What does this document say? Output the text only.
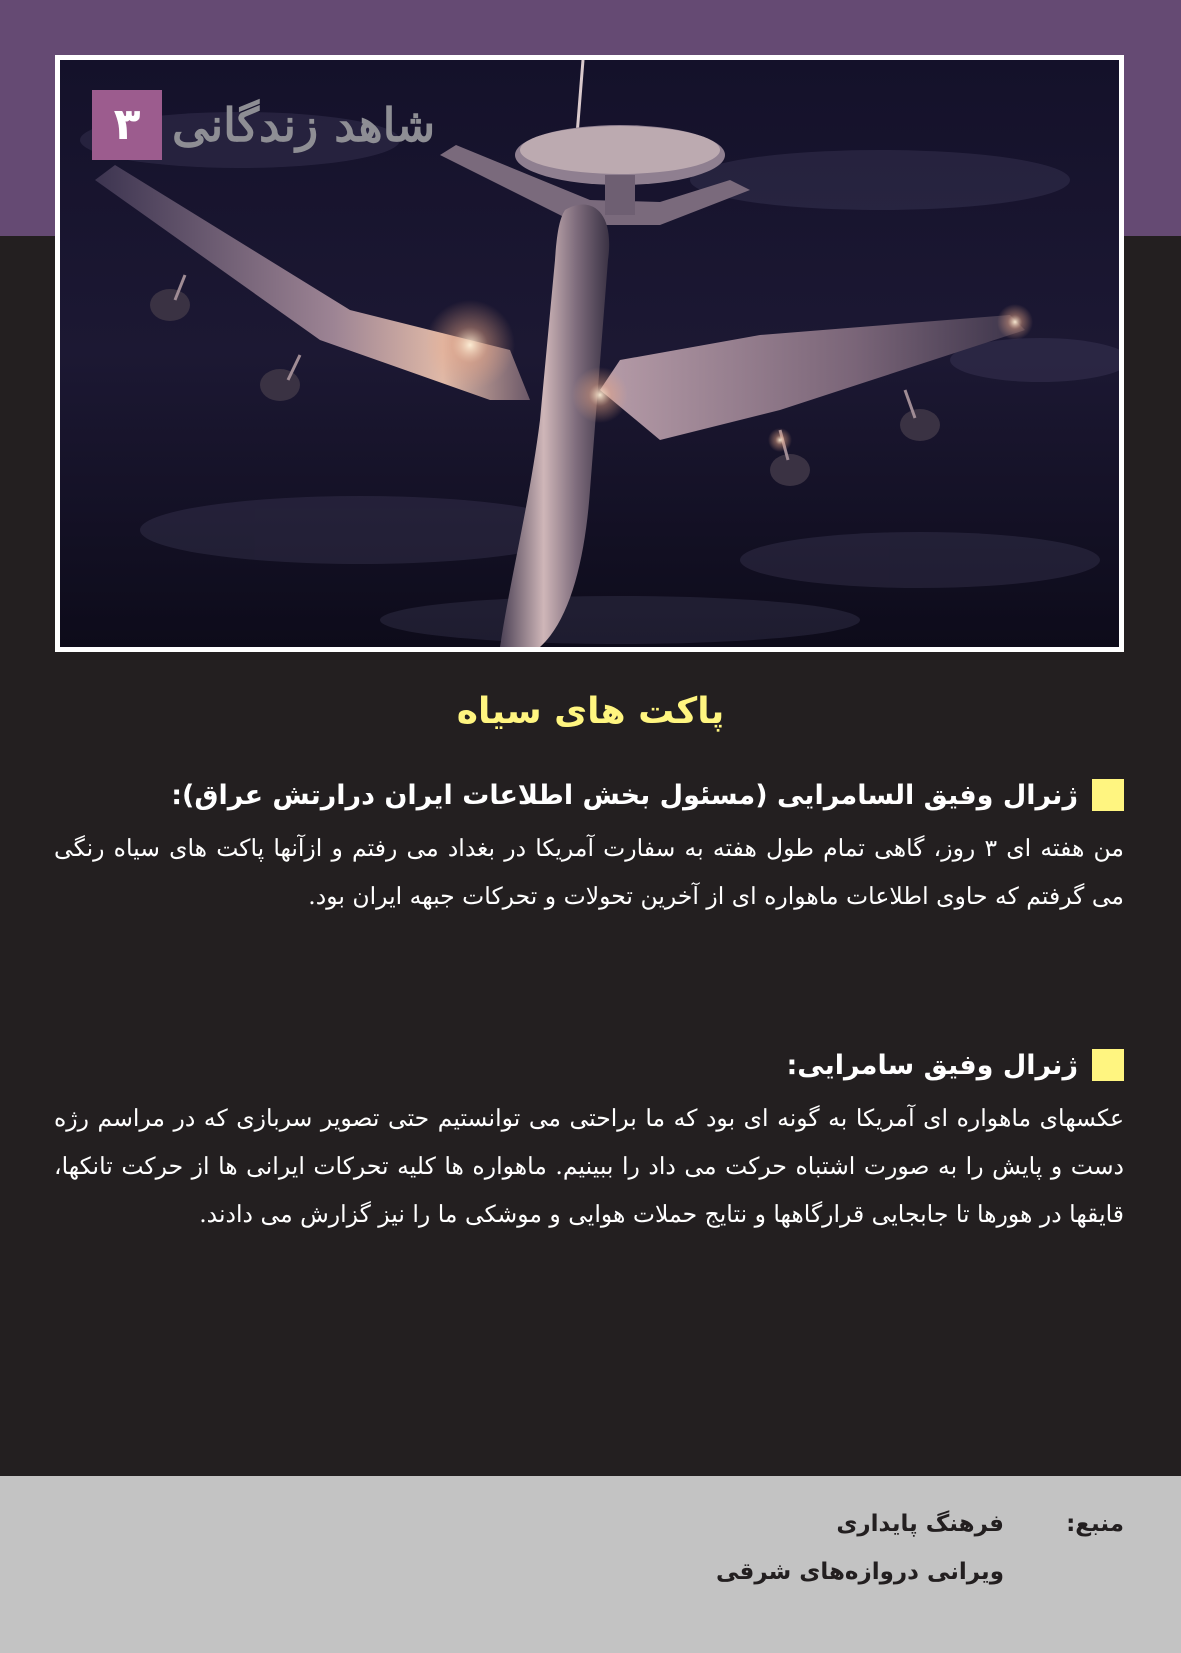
۳ شاهد زندگانی
پاکت های سیاه
ژنرال وفیق السامرایی (مسئول بخش اطلاعات ایران درارتش عراق):
من هفته ای ۳ روز، گاهی تمام طول هفته به سفارت آمریکا در بغداد می رفتم و ازآنها پاکت های سیاه رنگی می گرفتم که حاوی اطلاعات ماهواره ای از آخرین تحولات و تحرکات جبهه ایران بود.
ژنرال وفیق سامرایی:
عکسهای ماهواره ای آمریکا به گونه ای بود که ما براحتی می توانستیم حتی تصویر سربازی که در مراسم رژه دست و پایش را به صورت اشتباه حرکت می داد را ببینیم. ماهواره ها کلیه تحرکات ایرانی ها از حرکت تانکها، قایقها در هورها تا جابجایی قرارگاهها و نتایج حملات هوایی و موشکی ما را نیز گزارش می دادند.
منبع:
فرهنگ پایداری
ویرانی دروازه‌های شرقی
